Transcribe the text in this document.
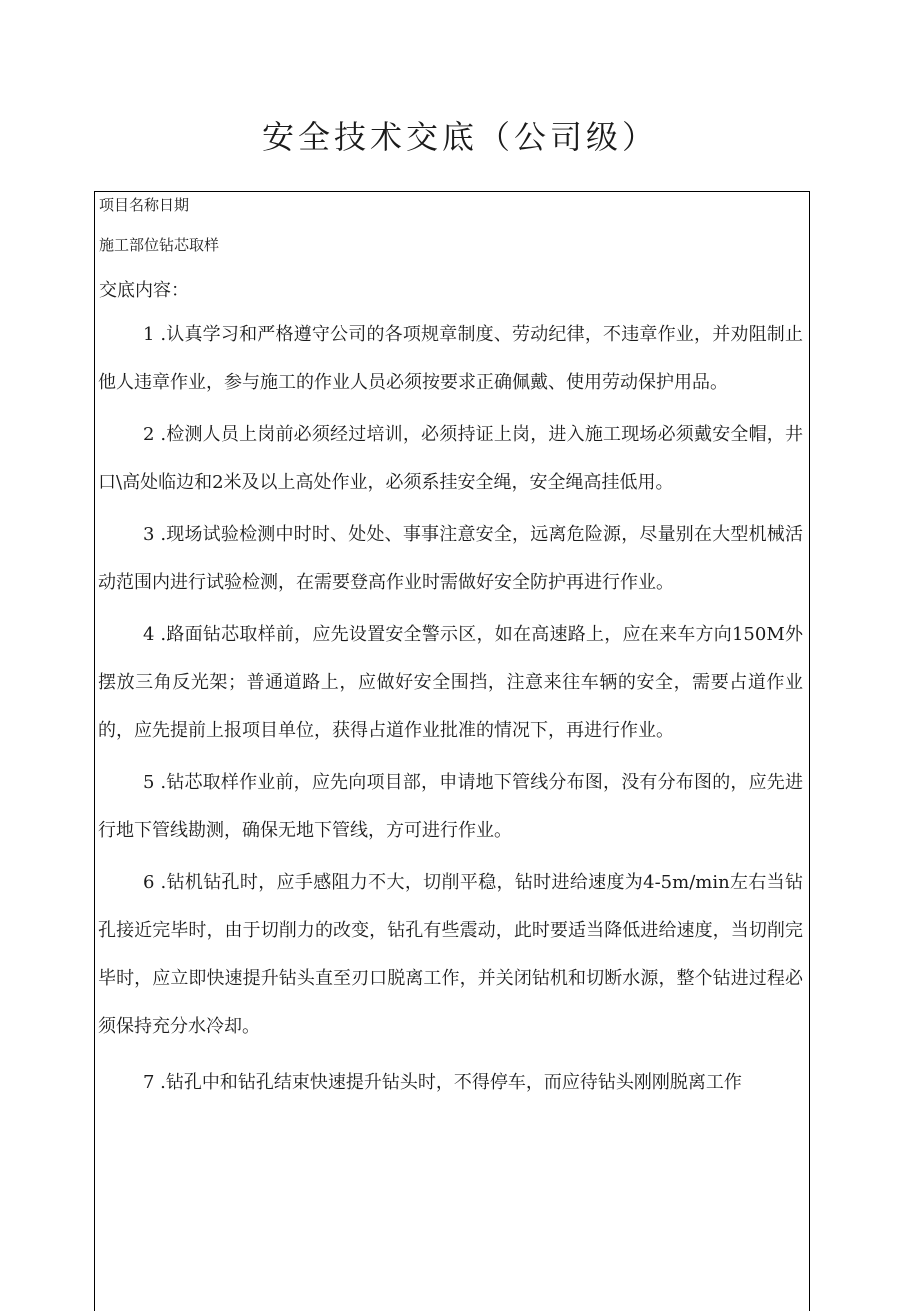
安全技术交底（公司级）
项目名称日期
施工部位钻芯取样
交底内容：

1 .认真学习和严格遵守公司的各项规章制度、劳动纪律，不违章作业，并劝阻制止他人违章作业，参与施工的作业人员必须按要求正确佩戴、使用劳动保护用品。

2 .检测人员上岗前必须经过培训，必须持证上岗，进入施工现场必须戴安全帽，井口\高处临边和2米及以上高处作业，必须系挂安全绳，安全绳高挂低用。

3 .现场试验检测中时时、处处、事事注意安全，远离危险源，尽量别在大型机械活动范围内进行试验检测，在需要登高作业时需做好安全防护再进行作业。

4 .路面钻芯取样前，应先设置安全警示区，如在高速路上，应在来车方向150M外摆放三角反光架；普通道路上，应做好安全围挡，注意来往车辆的安全，需要占道作业的，应先提前上报项目单位，获得占道作业批准的情况下，再进行作业。

5 .钻芯取样作业前，应先向项目部，申请地下管线分布图，没有分布图的，应先进行地下管线勘测，确保无地下管线，方可进行作业。

6 .钻机钻孔时，应手感阻力不大，切削平稳，钻时进给速度为4-5m∕min左右当钻孔接近完毕时，由于切削力的改变，钻孔有些震动，此时要适当降低进给速度，当切削完毕时，应立即快速提升钻头直至刃口脱离工作，并关闭钻机和切断水源，整个钻进过程必须保持充分水冷却。

7 .钻孔中和钻孔结束快速提升钻头时，不得停车，而应待钻头刚刚脱离工作
